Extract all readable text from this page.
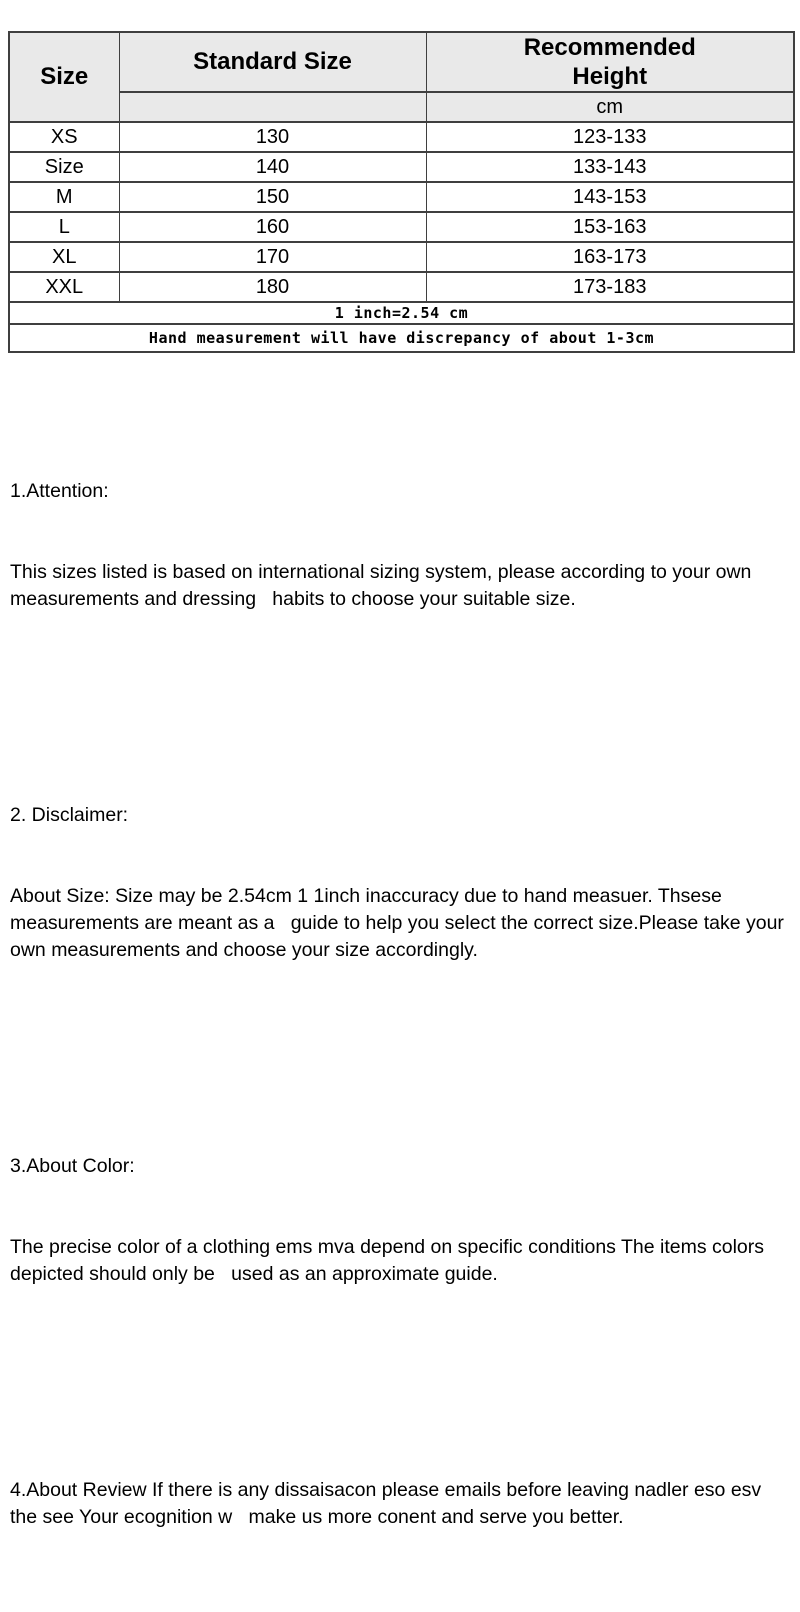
Size	Standard Size	Recommended Height

		cm
XS	130	123-133
Size	140	133-143
M	150	143-153
L	160	153-163
XL	170	163-173
XXL	180	173-183
1 inch=2.54 cm		
Hand measurement will have discrepancy of about 1-3cm		

1.Attention:

This sizes listed is based on international sizing system, please according to your own measurements and dressing   habits to choose your suitable size.

2. Disclaimer:

About Size: Size may be 2.54cm 1 1inch inaccuracy due to hand measuer. Thsese measurements are meant as a   guide to help you select the correct size.Please take your own measurements and choose your size accordingly.

3.About Color:

The precise color of a clothing ems mva depend on specific conditions The items colors depicted should only be   used as an approximate guide.

4.About Review If there is any dissaisacon please emails before leaving nadler eso esv the see Your ecognition w   make us more conent and serve you better.
